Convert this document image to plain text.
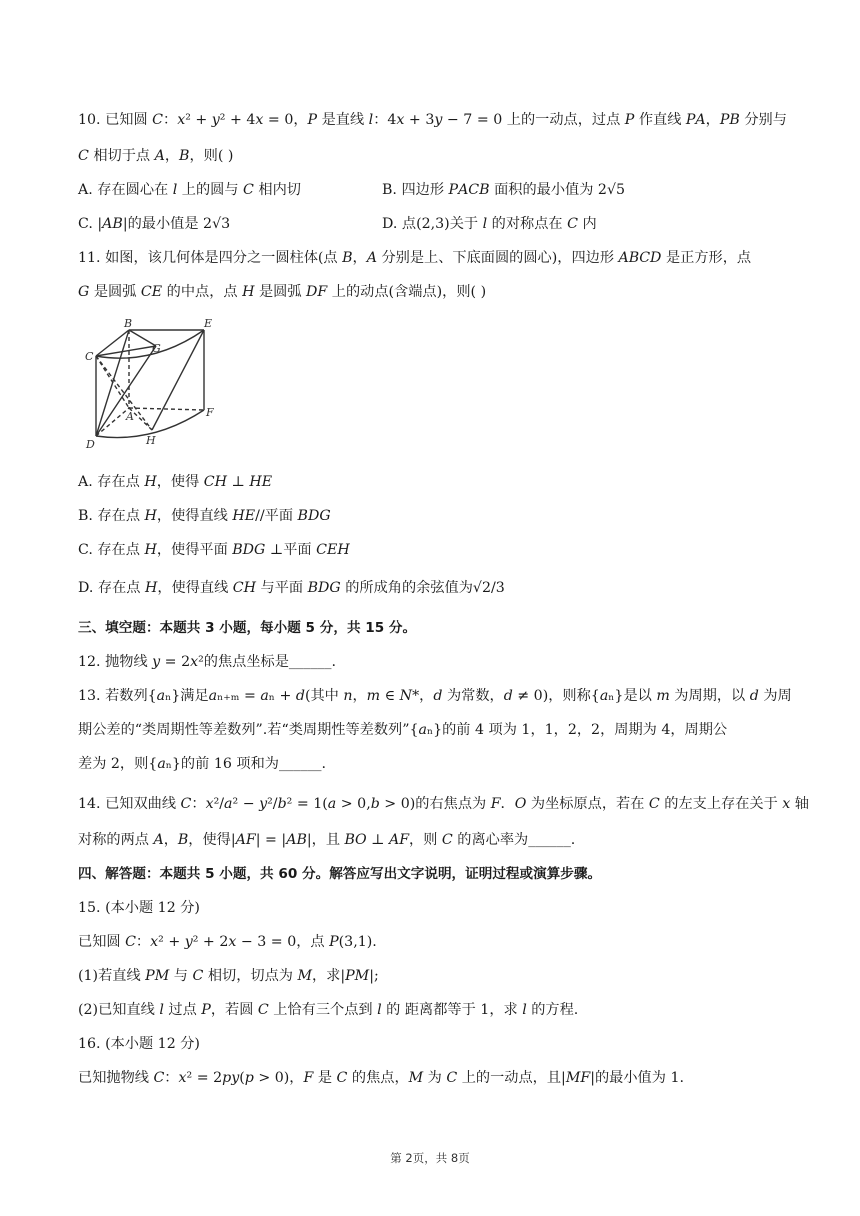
10. 已知圆 𝐶：𝑥² + 𝑦² + 4𝑥 = 0，𝑃 是直线 𝑙：4𝑥 + 3𝑦 − 7 = 0 上的一动点，过点 𝑃 作直线 𝑃𝐴，𝑃𝐵 分别与
𝐶 相切于点 𝐴，𝐵，则( )
A. 存在圆心在 𝑙 上的圆与 𝐶 相内切	B. 四边形 𝑃𝐴𝐶𝐵 面积的最小值为 2√5
C. |𝐴𝐵|的最小值是 2√3	D. 点(2,3)关于 𝑙 的对称点在 𝐶 内
11. 如图，该几何体是四分之一圆柱体(点 𝐵，𝐴 分别是上、下底面圆的圆心)，四边形 𝐴𝐵𝐶𝐷 是正方形，点
𝐺 是圆弧 𝐶𝐸 的中点，点 𝐻 是圆弧 𝐷𝐹 上的动点(含端点)，则( )
B	E
C
G
D	H
F
A
A. 存在点 𝐻，使得 𝐶𝐻 ⊥ 𝐻𝐸
B. 存在点 𝐻，使得直线 𝐻𝐸//平面 𝐵𝐷𝐺
C. 存在点 𝐻，使得平面 𝐵𝐷𝐺 ⊥平面 𝐶𝐸𝐻
D. 存在点 𝐻，使得直线 𝐶𝐻 与平面 𝐵𝐷𝐺 的所成角的余弦值为√2/3
三、填空题：本题共 3 小题，每小题 5 分，共 15 分。
12. 抛物线 𝑦 = 2𝑥²的焦点坐标是______.
13. 若数列{𝑎ₙ}满足𝑎ₙ₊ₘ = 𝑎ₙ + 𝑑(其中 𝑛，𝑚 ∈ 𝑁*，𝑑 为常数，𝑑 ≠ 0)，则称{𝑎ₙ}是以 𝑚 为周期，以 𝑑 为周
期公差的“类周期性等差数列”.若“类周期性等差数列”{𝑎ₙ}的前 4 项为 1，1，2，2，周期为 4，周期公
差为 2，则{𝑎ₙ}的前 16 项和为______.
14. 已知双曲线 𝐶：𝑥²/𝑎² − 𝑦²/𝑏² = 1(𝑎 > 0,𝑏 > 0)的右焦点为 𝐹．𝑂 为坐标原点，若在 𝐶 的左支上存在关于 𝑥 轴
对称的两点 𝐴，𝐵，使得|𝐴𝐹| = |𝐴𝐵|，且 𝐵𝑂 ⊥ 𝐴𝐹，则 𝐶 的离心率为______.
四、解答题：本题共 5 小题，共 60 分。解答应写出文字说明，证明过程或演算步骤。
15. (本小题 12 分)
已知圆 𝐶：𝑥² + 𝑦² + 2𝑥 − 3 = 0，点 𝑃(3,1).
(1)若直线 𝑃𝑀 与 𝐶 相切，切点为 𝑀，求|𝑃𝑀|;
(2)已知直线 𝑙 过点 𝑃，若圆 𝐶 上恰有三个点到 𝑙 的 距离都等于 1，求 𝑙 的方程.
16. (本小题 12 分)
已知抛物线 𝐶：𝑥² = 2𝑝𝑦(𝑝 > 0)，𝐹 是 𝐶 的焦点，𝑀 为 𝐶 上的一动点，且|𝑀𝐹|的最小值为 1.
第 2页，共 8页
